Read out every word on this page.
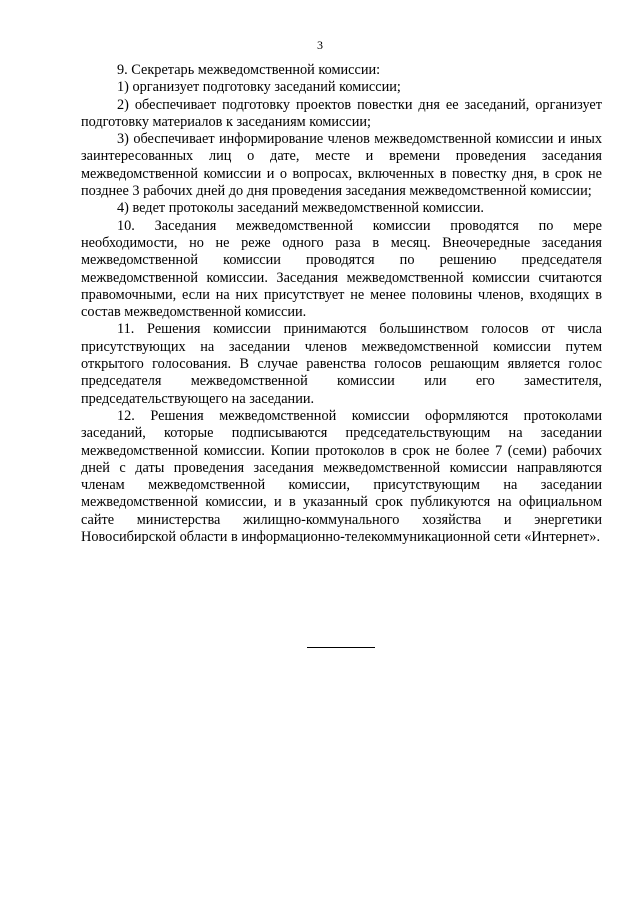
3

9. Секретарь межведомственной комиссии:

1) организует подготовку заседаний комиссии;

2) обеспечивает подготовку проектов повестки дня ее заседаний, организует подготовку материалов к заседаниям комиссии;

3) обеспечивает информирование членов межведомственной комиссии и иных заинтересованных лиц о дате, месте и времени проведения заседания межведомственной комиссии и о вопросах, включенных в повестку дня, в срок не позднее 3 рабочих дней до дня проведения заседания межведомственной комиссии;

4) ведет протоколы заседаний межведомственной комиссии.

10. Заседания межведомственной комиссии проводятся по мере необходимости, но не реже одного раза в месяц. Внеочередные заседания межведомственной комиссии проводятся по решению председателя межведомственной комиссии. Заседания межведомственной комиссии считаются правомочными, если на них присутствует не менее половины членов, входящих в состав межведомственной комиссии.

11. Решения комиссии принимаются большинством голосов от числа присутствующих на заседании членов межведомственной комиссии путем открытого голосования. В случае равенства голосов решающим является голос председателя межведомственной комиссии или его заместителя, председательствующего на заседании.

12. Решения межведомственной комиссии оформляются протоколами заседаний, которые подписываются председательствующим на заседании межведомственной комиссии. Копии протоколов в срок не более 7 (семи) рабочих дней с даты проведения заседания межведомственной комиссии направляются членам межведомственной комиссии, присутствующим на заседании межведомственной комиссии, и в указанный срок публикуются на официальном сайте министерства жилищно-коммунального хозяйства и энергетики Новосибирской области в информационно-телекоммуникационной сети «Интернет».
